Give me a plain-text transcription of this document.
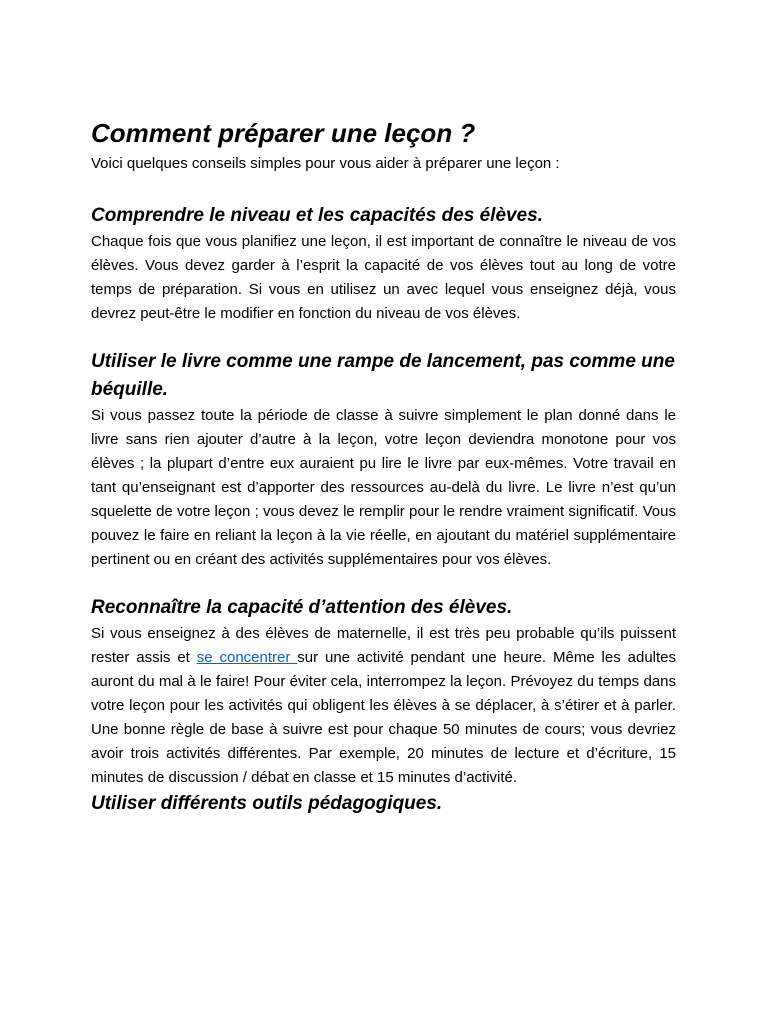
Comment préparer une leçon ?

Voici quelques conseils simples pour vous aider à préparer une leçon :

Comprendre le niveau et les capacités des élèves.

Chaque fois que vous planifiez une leçon, il est important de connaître le niveau de vos élèves. Vous devez garder à l’esprit la capacité de vos élèves tout au long de votre temps de préparation. Si vous en utilisez un avec lequel vous enseignez déjà, vous devrez peut-être le modifier en fonction du niveau de vos élèves.

Utiliser le livre comme une rampe de lancement, pas comme une béquille.

Si vous passez toute la période de classe à suivre simplement le plan donné dans le livre sans rien ajouter d’autre à la leçon, votre leçon deviendra monotone pour vos élèves ; la plupart d’entre eux auraient pu lire le livre par eux-mêmes. Votre travail en tant qu’enseignant est d’apporter des ressources au-delà du livre. Le livre n’est qu’un squelette de votre leçon ; vous devez le remplir pour le rendre vraiment significatif. Vous pouvez le faire en reliant la leçon à la vie réelle, en ajoutant du matériel supplémentaire pertinent ou en créant des activités supplémentaires pour vos élèves.

Reconnaître la capacité d’attention des élèves.

Si vous enseignez à des élèves de maternelle, il est très peu probable qu’ils puissent rester assis et se concentrer sur une activité pendant une heure. Même les adultes auront du mal à le faire! Pour éviter cela, interrompez la leçon. Prévoyez du temps dans votre leçon pour les activités qui obligent les élèves à se déplacer, à s’étirer et à parler. Une bonne règle de base à suivre est pour chaque 50 minutes de cours; vous devriez avoir trois activités différentes. Par exemple, 20 minutes de lecture et d’écriture, 15 minutes de discussion / débat en classe et 15 minutes d’activité.

Utiliser différents outils pédagogiques.
